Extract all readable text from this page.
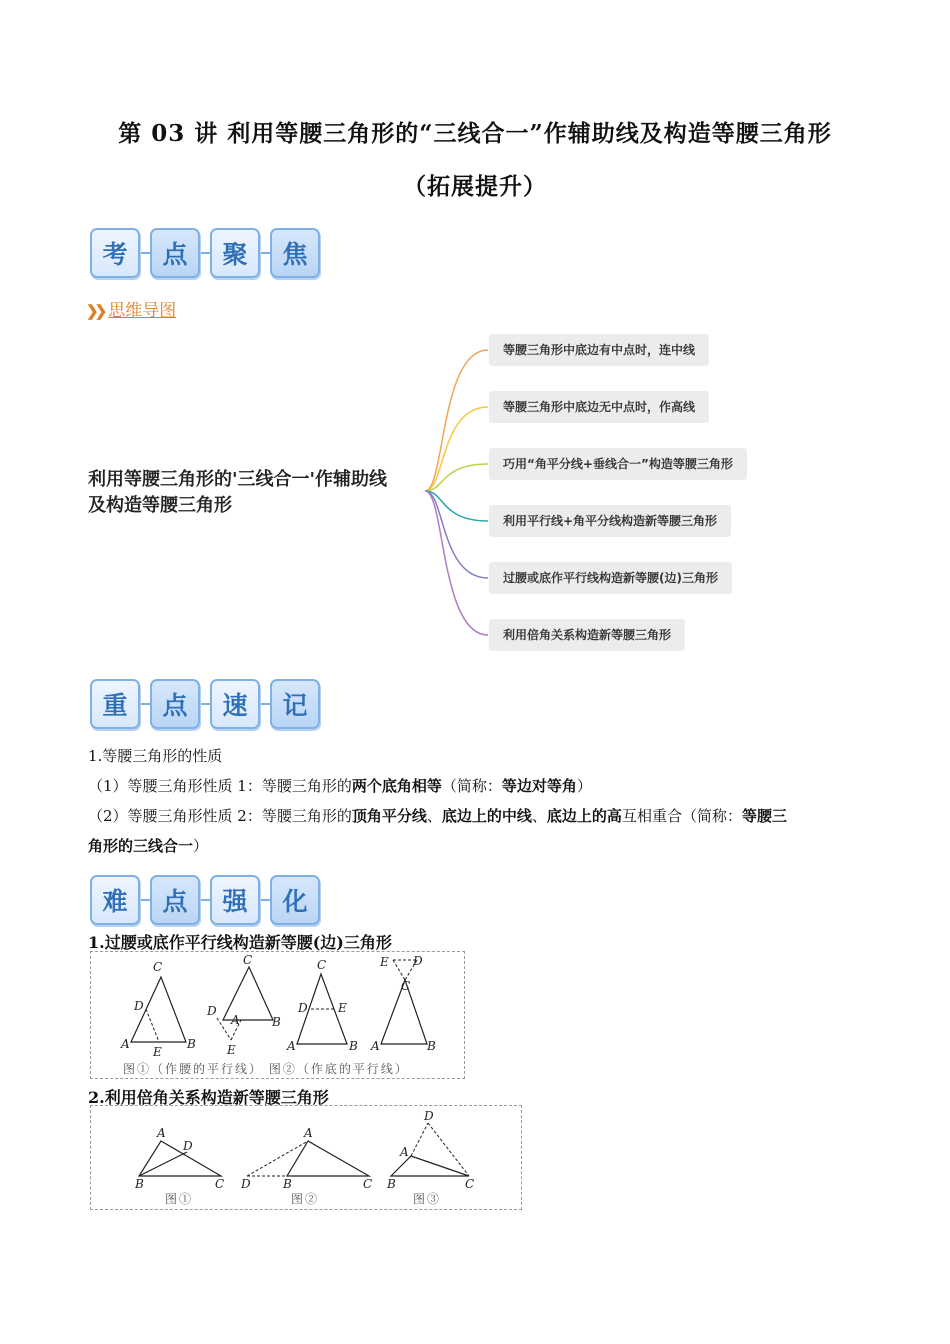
第 03 讲 利用等腰三角形的“三线合一”作辅助线及构造等腰三角形
（拓展提升）
考	点	聚	焦
❯❯ 思维导图
利用等腰三角形的'三线合一'作辅助线及构造等腰三角形
等腰三角形中底边有中点时，连中线
等腰三角形中底边无中点时，作高线
巧用“角平分线+垂线合一”构造等腰三角形
利用平行线+角平分线构造新等腰三角形
过腰或底作平行线构造新等腰(边)三角形
利用倍角关系构造新等腰三角形
重	点	速	记
1.等腰三角形的性质
（1）等腰三角形性质 1：等腰三角形的两个底角相等（简称：等边对等角）
（2）等腰三角形性质 2：等腰三角形的顶角平分线、底边上的中线、底边上的高互相重合（简称：等腰三
角形的三线合一）
难	点	强	化
1.过腰或底作平行线构造新等腰(边)三角形
C
D
A	B
E
C
D
A	B
E
C
D	E
A	B
E D
C
A	B
图①（作腰的平行线） 图②（作底的平行线）
2.利用倍角关系构造新等腰三角形
A
D
B	C
A
D	B	C
D
A
B	C
图①	图②	图③
